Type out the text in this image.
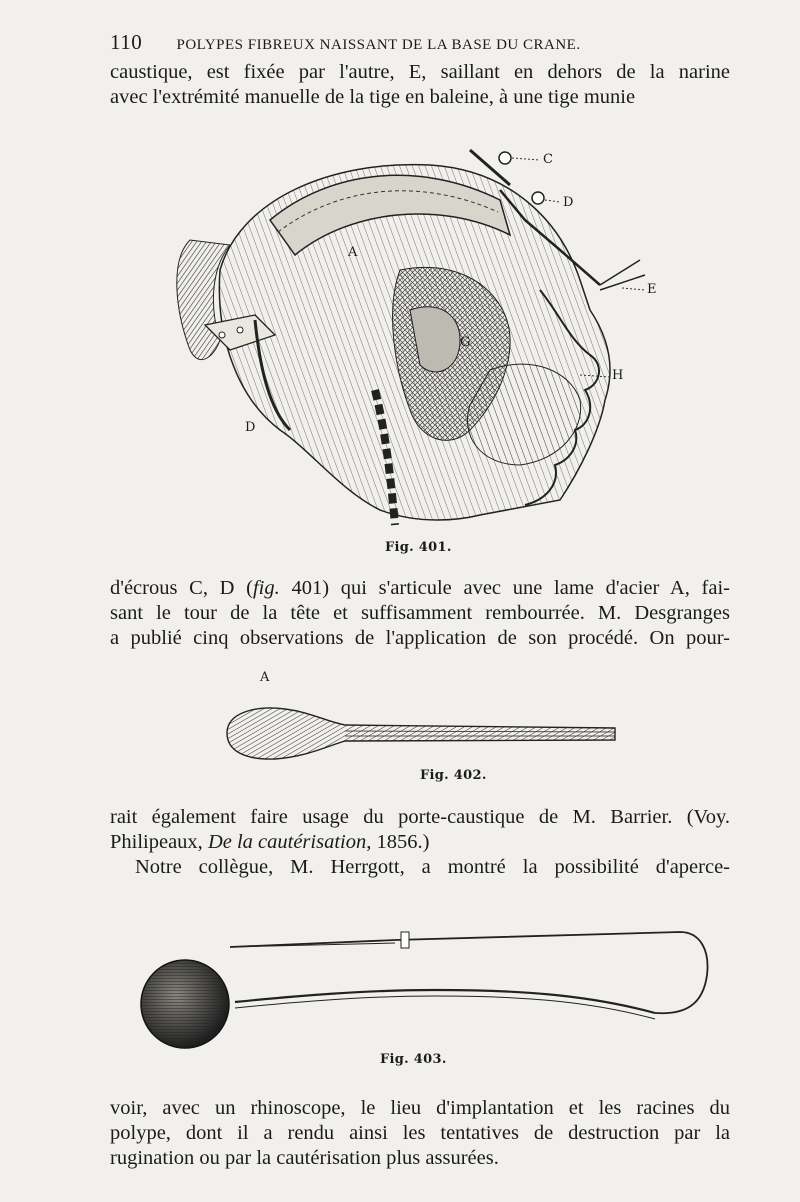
110 POLYPES FIBREUX NAISSANT DE LA BASE DU CRANE.
caustique, est fixée par l'autre, E, saillant en dehors de la narine
avec l'extrémité manuelle de la tige en baleine, à une tige munie
A
C
D
E
H
G
D
Fig. 401.
d'écrous C, D (fig. 401) qui s'articule avec une lame d'acier A, fai-
sant le tour de la tête et suffisamment rembourrée. M. Desgranges
a publié cinq observations de l'application de son procédé. On pour-
A
Fig. 402.
rait également faire usage du porte-caustique de M. Barrier. (Voy.
Philipeaux, De la cautérisation, 1856.)
Notre collègue, M. Herrgott, a montré la possibilité d'aperce-
Fig. 403.
voir, avec un rhinoscope, le lieu d'implantation et les racines du
polype, dont il a rendu ainsi les tentatives de destruction par la
rugination ou par la cautérisation plus assurées.
